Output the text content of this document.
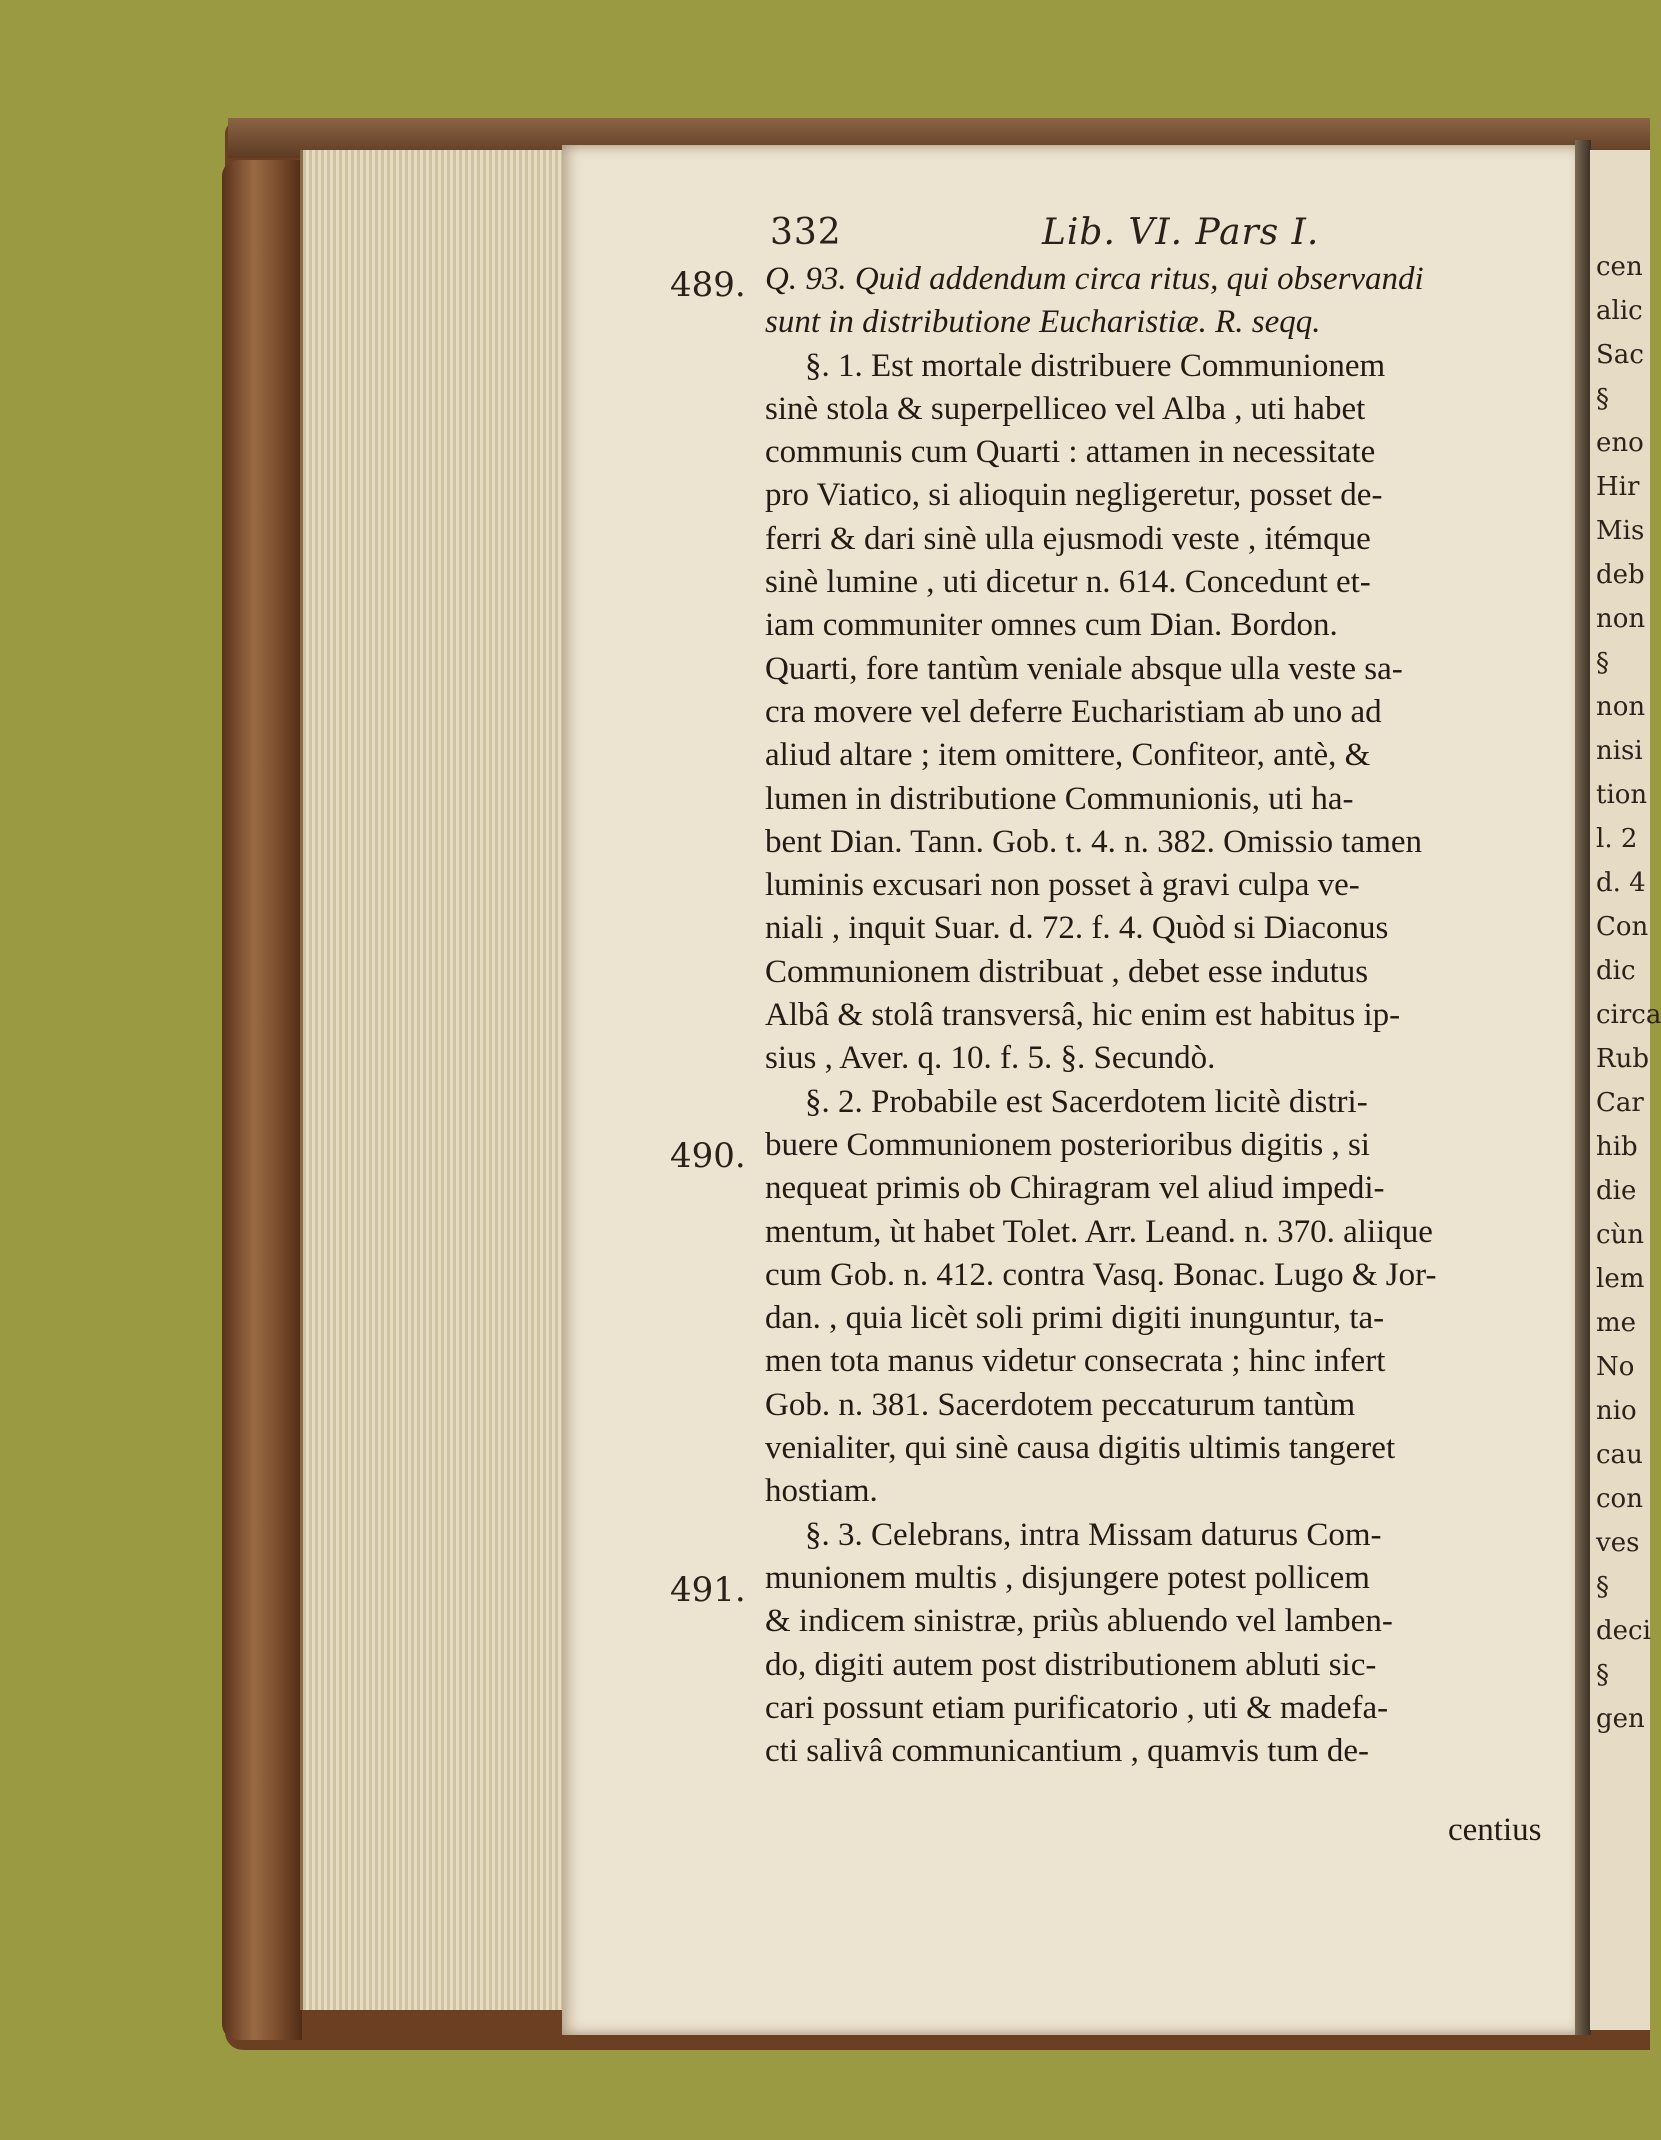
cen
alic
Sac
§
eno
Hir
Mis
deb
non
§
non
nisi
tion
l. 2
d. 4
Con
dic
circa
Rub
Car
hib
die
cùn
lem
me
No
nio
cau
con
ves
§
deci
§
gen
332	Lib. VI. Pars I.
489.
490.
491.
Q. 93. Quid addendum circa ritus, qui observandi
sunt in distributione Eucharistiæ. R. seqq.
§. 1. Est mortale distribuere Communionem
sinè stola & superpelliceo vel Alba , uti habet
communis cum Quarti : attamen in necessitate
pro Viatico, si alioquin negligeretur, posset de-
ferri & dari sinè ulla ejusmodi veste , itémque
sinè lumine , uti dicetur n. 614. Concedunt et-
iam communiter omnes cum Dian. Bordon.
Quarti, fore tantùm veniale absque ulla veste sa-
cra movere vel deferre Eucharistiam ab uno ad
aliud altare ; item omittere, Confiteor, antè, &
lumen in distributione Communionis, uti ha-
bent Dian. Tann. Gob. t. 4. n. 382. Omissio tamen
luminis excusari non posset à gravi culpa ve-
niali , inquit Suar. d. 72. f. 4. Quòd si Diaconus
Communionem distribuat , debet esse indutus
Albâ & stolâ transversâ, hic enim est habitus ip-
sius , Aver. q. 10. f. 5. §. Secundò.
§. 2. Probabile est Sacerdotem licitè distri-
buere Communionem posterioribus digitis , si
nequeat primis ob Chiragram vel aliud impedi-
mentum, ùt habet Tolet. Arr. Leand. n. 370. aliique
cum Gob. n. 412. contra Vasq. Bonac. Lugo & Jor-
dan. , quia licèt soli primi digiti inunguntur, ta-
men tota manus videtur consecrata ; hinc infert
Gob. n. 381. Sacerdotem peccaturum tantùm
venialiter, qui sinè causa digitis ultimis tangeret
hostiam.
§. 3. Celebrans, intra Missam daturus Com-
munionem multis , disjungere potest pollicem
& indicem sinistræ, priùs abluendo vel lamben-
do, digiti autem post distributionem abluti sic-
cari possunt etiam purificatorio , uti & madefa-
cti salivâ communicantium , quamvis tum de-
centius
